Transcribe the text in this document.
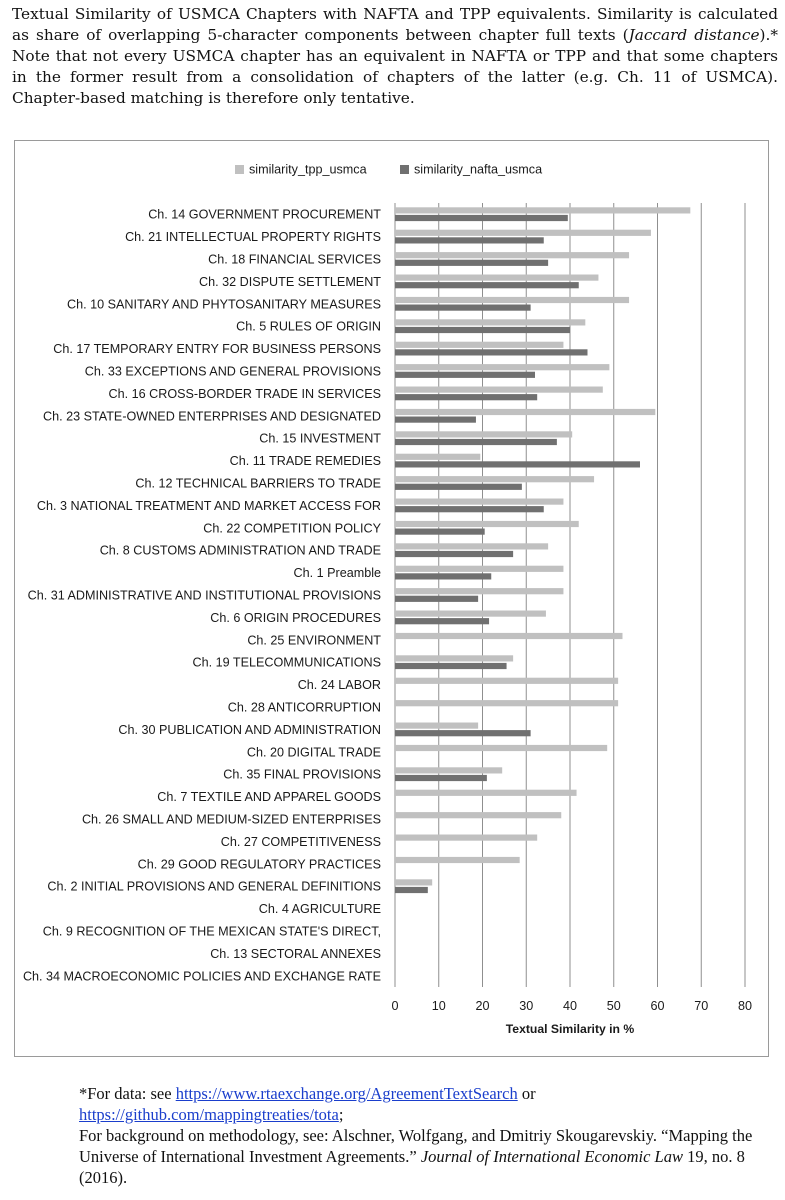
Textual Similarity of USMCA Chapters with NAFTA and TPP equivalents. Similarity is calculated as share of overlapping 5-character components between chapter full texts (Jaccard distance).* Note that not every USMCA chapter has an equivalent in NAFTA or TPP and that some chapters in the former result from a consolidation of chapters of the latter (e.g. Ch. 11 of USMCA). Chapter-based matching is therefore only tentative.
Ch. 14 GOVERNMENT PROCUREMENT
Ch. 21 INTELLECTUAL PROPERTY RIGHTS
Ch. 18 FINANCIAL SERVICES
Ch. 32 DISPUTE SETTLEMENT
Ch. 10 SANITARY AND PHYTOSANITARY MEASURES
Ch. 5 RULES OF ORIGIN
Ch. 17 TEMPORARY ENTRY FOR BUSINESS PERSONS
Ch. 33 EXCEPTIONS AND GENERAL PROVISIONS
Ch. 16 CROSS-BORDER TRADE IN SERVICES
Ch. 23 STATE-OWNED ENTERPRISES AND DESIGNATED
Ch. 15 INVESTMENT
Ch. 11 TRADE REMEDIES
Ch. 12 TECHNICAL BARRIERS TO TRADE
Ch. 3 NATIONAL TREATMENT AND MARKET ACCESS FOR
Ch. 22 COMPETITION POLICY
Ch. 8 CUSTOMS ADMINISTRATION AND TRADE
Ch. 1 Preamble
Ch. 31 ADMINISTRATIVE AND INSTITUTIONAL PROVISIONS
Ch. 6 ORIGIN PROCEDURES
Ch. 25 ENVIRONMENT
Ch. 19 TELECOMMUNICATIONS
Ch. 24 LABOR
Ch. 28 ANTICORRUPTION
Ch. 30 PUBLICATION AND ADMINISTRATION
Ch. 20 DIGITAL TRADE
Ch. 35 FINAL PROVISIONS
Ch. 7 TEXTILE AND APPAREL GOODS
Ch. 26 SMALL AND MEDIUM-SIZED ENTERPRISES
Ch. 27 COMPETITIVENESS
Ch. 29 GOOD REGULATORY PRACTICES
Ch. 2 INITIAL PROVISIONS AND GENERAL DEFINITIONS
Ch. 4 AGRICULTURE
Ch. 9 RECOGNITION OF THE MEXICAN STATE'S DIRECT,
Ch. 13 SECTORAL ANNEXES
Ch. 34 MACROECONOMIC POLICIES AND EXCHANGE RATE
0	10 20 30 40 50 60 70 80
Textual Similarity in %
similarity_tpp_usmca	similarity_nafta_usmca
*For data: see https://www.rtaexchange.org/AgreementTextSearch or
https://github.com/mappingtreaties/tota;
For background on methodology, see: Alschner, Wolfgang, and Dmitriy Skougarevskiy. “Mapping the Universe of International Investment Agreements.” Journal of International Economic Law 19, no. 8 (2016).
